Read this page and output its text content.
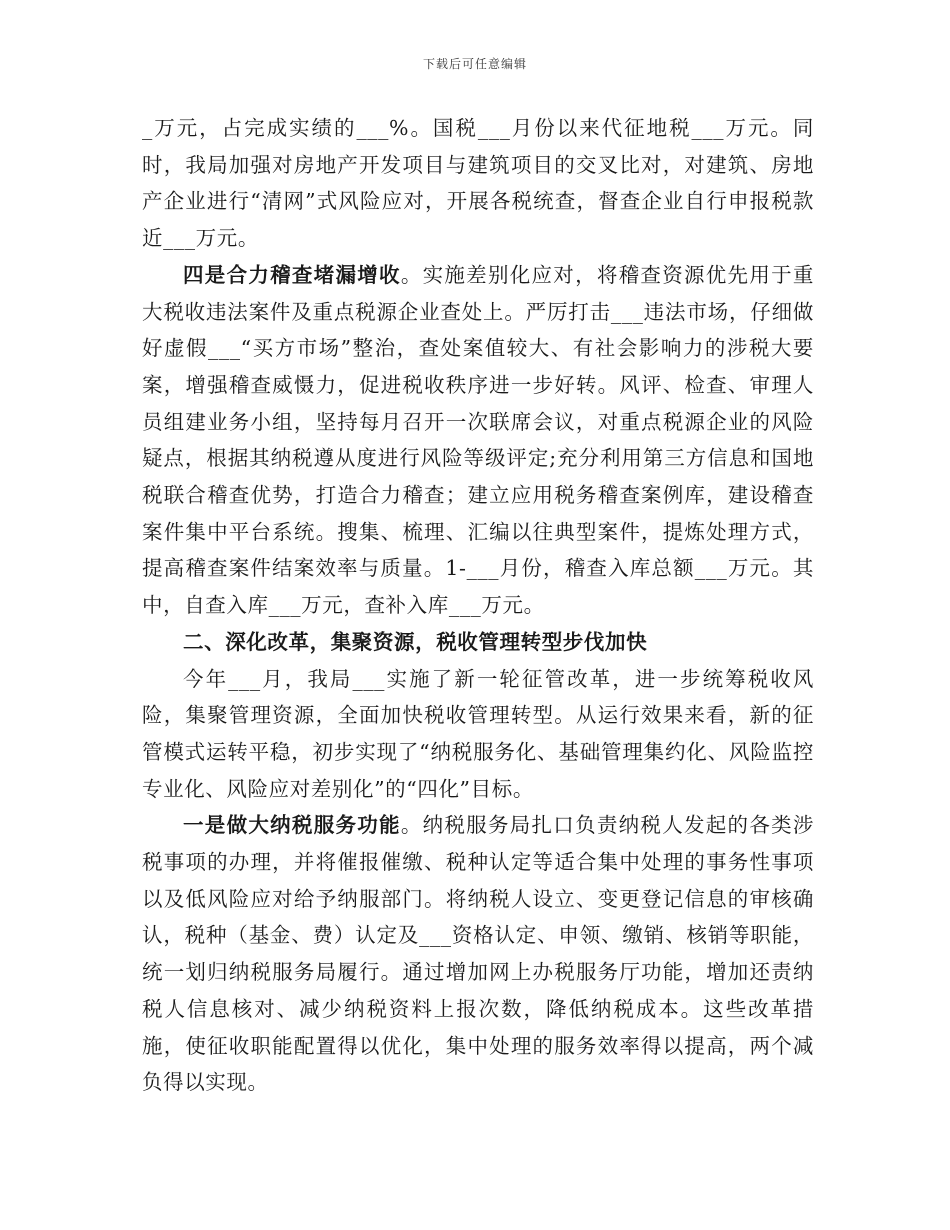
下载后可任意编辑

_万元，占完成实绩的___%。国税___月份以来代征地税___万元。同时，我局加强对房地产开发项目与建筑项目的交叉比对，对建筑、房地产企业进行“清网”式风险应对，开展各税统查，督查企业自行申报税款近___万元。

四是合力稽查堵漏增收。实施差别化应对，将稽查资源优先用于重大税收违法案件及重点税源企业查处上。严厉打击___违法市场，仔细做好虚假___“买方市场”整治，查处案值较大、有社会影响力的涉税大要案，增强稽查威慑力，促进税收秩序进一步好转。风评、检查、审理人员组建业务小组，坚持每月召开一次联席会议，对重点税源企业的风险疑点，根据其纳税遵从度进行风险等级评定;充分利用第三方信息和国地税联合稽查优势，打造合力稽查；建立应用税务稽查案例库，建设稽查案件集中平台系统。搜集、梳理、汇编以往典型案件，提炼处理方式，提高稽查案件结案效率与质量。1-___月份，稽查入库总额___万元。其中，自查入库___万元，查补入库___万元。

二、深化改革，集聚资源，税收管理转型步伐加快

今年___月，我局___实施了新一轮征管改革，进一步统筹税收风险，集聚管理资源，全面加快税收管理转型。从运行效果来看，新的征管模式运转平稳，初步实现了“纳税服务化、基础管理集约化、风险监控专业化、风险应对差别化”的“四化”目标。

一是做大纳税服务功能。纳税服务局扎口负责纳税人发起的各类涉税事项的办理，并将催报催缴、税种认定等适合集中处理的事务性事项以及低风险应对给予纳服部门。将纳税人设立、变更登记信息的审核确认，税种（基金、费）认定及___资格认定、申领、缴销、核销等职能，统一划归纳税服务局履行。通过增加网上办税服务厅功能，增加还责纳税人信息核对、减少纳税资料上报次数，降低纳税成本。这些改革措施，使征收职能配置得以优化，集中处理的服务效率得以提高，两个减负得以实现。
